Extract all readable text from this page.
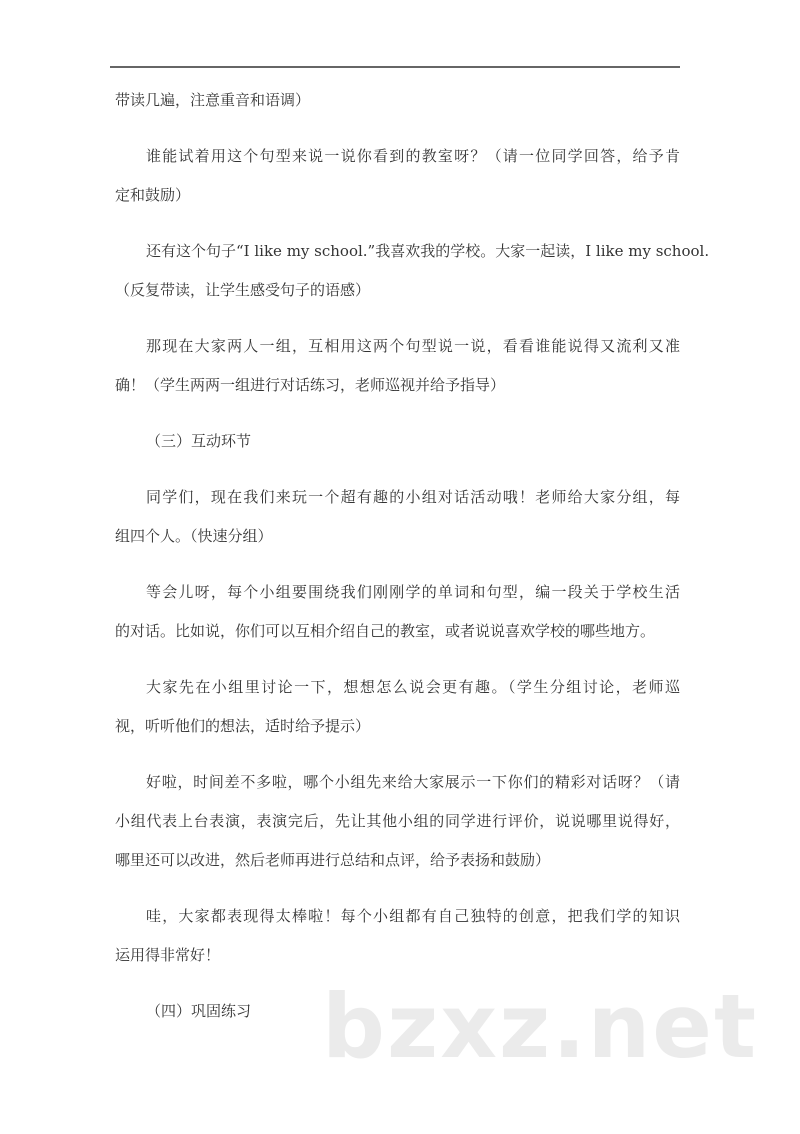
带读几遍，注意重音和语调）
谁能试着用这个句型来说一说你看到的教室呀？（请一位同学回答，给予肯
定和鼓励）
还有这个句子“I like my school.”我喜欢我的学校。大家一起读，I like my school.
（反复带读，让学生感受句子的语感）
那现在大家两人一组，互相用这两个句型说一说，看看谁能说得又流利又准
确！（学生两两一组进行对话练习，老师巡视并给予指导）
（三）互动环节
同学们，现在我们来玩一个超有趣的小组对话活动哦！老师给大家分组，每
组四个人。（快速分组）
等会儿呀，每个小组要围绕我们刚刚学的单词和句型，编一段关于学校生活
的对话。比如说，你们可以互相介绍自己的教室，或者说说喜欢学校的哪些地方。
大家先在小组里讨论一下，想想怎么说会更有趣。（学生分组讨论，老师巡
视，听听他们的想法，适时给予提示）
好啦，时间差不多啦，哪个小组先来给大家展示一下你们的精彩对话呀？（请
小组代表上台表演，表演完后，先让其他小组的同学进行评价，说说哪里说得好，
哪里还可以改进，然后老师再进行总结和点评，给予表扬和鼓励）
哇，大家都表现得太棒啦！每个小组都有自己独特的创意，把我们学的知识
运用得非常好！
（四）巩固练习 bzxz.net
